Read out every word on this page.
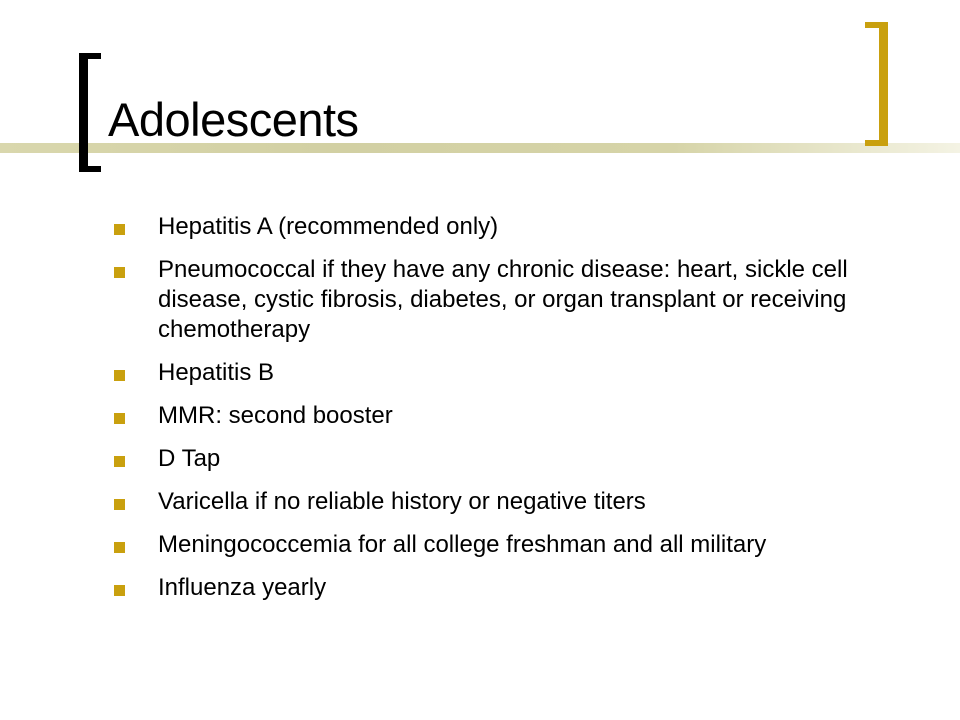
Adolescents
Hepatitis A (recommended only)
Pneumococcal if they have any chronic disease: heart, sickle cell disease, cystic fibrosis, diabetes, or organ transplant or receiving chemotherapy
Hepatitis B
MMR: second booster
D Tap
Varicella if no reliable history or negative titers
Meningococcemia for all college freshman and all military
Influenza yearly
